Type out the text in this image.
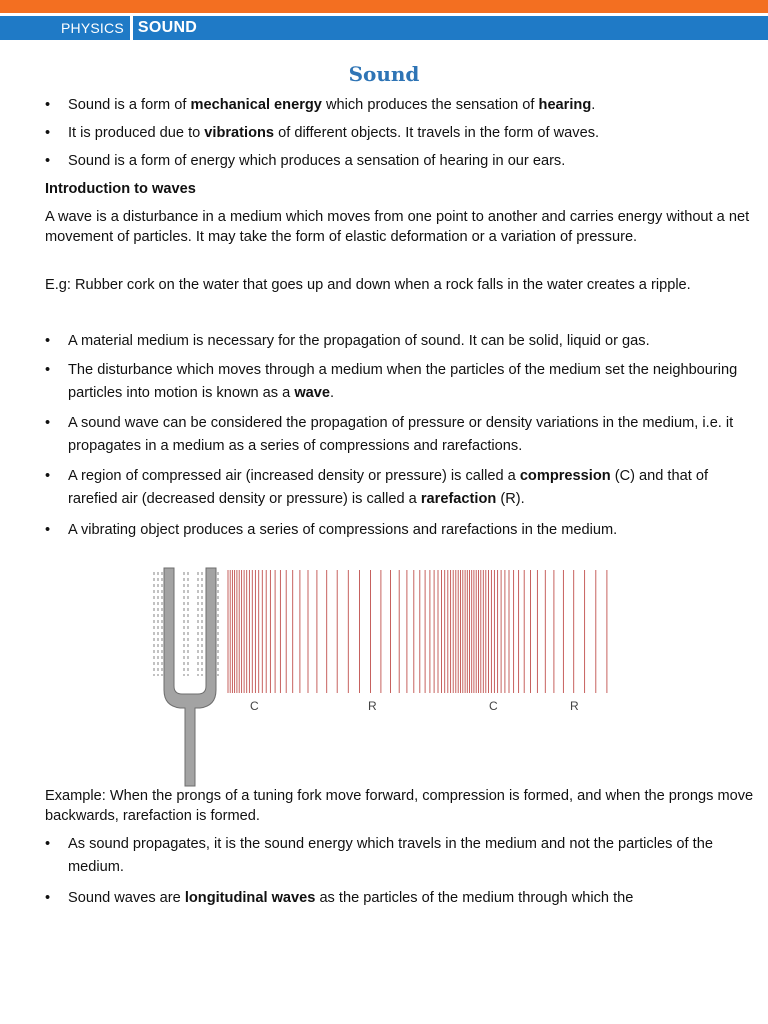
PHYSICS SOUND
Sound
• Sound is a form of mechanical energy which produces the sensation of hearing.
• It is produced due to vibrations of different objects. It travels in the form of waves.
• Sound is a form of energy which produces a sensation of hearing in our ears.

Introduction to waves

A wave is a disturbance in a medium which moves from one point to another and carries energy without a net movement of particles. It may take the form of elastic deformation or a variation of pressure.

E.g: Rubber cork on the water that goes up and down when a rock falls in the water creates a ripple.

• A material medium is necessary for the propagation of sound. It can be solid, liquid or gas.
• The disturbance which moves through a medium when the particles of the medium set the neighbouring particles into motion is known as a wave.
• A sound wave can be considered the propagation of pressure or density variations in the medium, i.e. it propagates in a medium as a series of compressions and rarefactions.
• A region of compressed air (increased density or pressure) is called a compression (C) and that of rarefied air (decreased density or pressure) is called a rarefaction (R).
• A vibrating object produces a series of compressions and rarefactions in the medium.

Example: When the prongs of a tuning fork move forward, compression is formed, and when the prongs move backwards, rarefaction is formed.

• As sound propagates, it is the sound energy which travels in the medium and not the particles of the medium.
• Sound waves are longitudinal waves as the particles of the medium through which the
C	R	C	R
